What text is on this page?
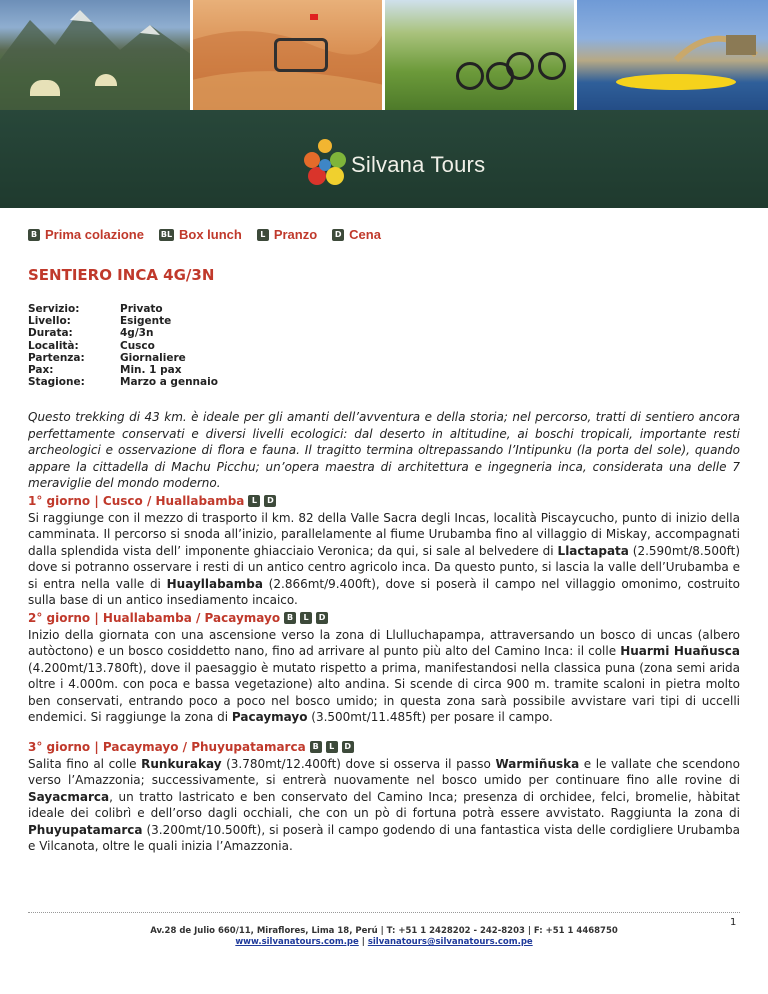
Silvana Tours
B Prima colazione BL Box lunch	L Pranzo	D Cena
SENTIERO INCA 4G/3N
Servizio:	Privato
Livello:	Esigente
Durata:	4g/3n
Località:	Cusco
Partenza:	Giornaliere
Pax:	Min. 1 pax
Stagione:	Marzo a gennaio

Questo trekking di 43 km. è ideale per gli amanti dell’avventura e della storia; nel percorso, tratti di sentiero ancora perfettamente conservati e diversi livelli ecologici: dal deserto in altitudine, ai boschi tropicali, importante resti archeologici e osservazione di flora e fauna. Il tragitto termina oltrepassando l’Intipunku (la porta del sole), quando appare la cittadella di Machu Picchu; un’opera maestra di architettura e ingegneria inca, considerata una delle 7 meraviglie del mondo moderno.

1° giorno | Cusco / Huallabamba L	D

Si raggiunge con il mezzo di trasporto il km. 82 della Valle Sacra degli Incas, località Piscaycucho, punto di inizio della camminata. Il percorso si snoda all’inizio, parallelamente al fiume Urubamba fino al villaggio di Miskay, accompagnati dalla splendida vista dell’ imponente ghiacciaio Veronica; da qui, si sale al belvedere di Llactapata (2.590mt/8.500ft) dove si potranno osservare i resti di un antico centro agricolo inca. Da questo punto, si lascia la valle dell’Urubamba e si entra nella valle di Huayllabamba (2.866mt/9.400ft), dove si poserà il campo nel villaggio omonimo, costruito sulla base di un antico insediamento incaico.

2° giorno | Huallabamba / Pacaymayo B	L	D

Inizio della giornata con una ascensione verso la zona di Llulluchapampa, attraversando un bosco di uncas (albero autòctono) e un bosco cosiddetto nano, fino ad arrivare al punto più alto del Camino Inca: il colle Huarmi Huañusca (4.200mt/13.780ft), dove il paesaggio è mutato rispetto a prima, manifestandosi nella classica puna (zona semi arida oltre i 4.000m. con poca e bassa vegetazione) alto andina. Si scende di circa 900 m. tramite scaloni in pietra molto ben conservati, entrando poco a poco nel bosco umido; in questa zona sarà possibile avvistare vari tipi di uccelli endemici. Si raggiunge la zona di Pacaymayo (3.500mt/11.485ft) per posare il campo.

3° giorno | Pacaymayo / Phuyupatamarca B	L	D

Salita fino al colle Runkurakay (3.780mt/12.400ft) dove si osserva il passo Warmiñuska e le vallate che scendono verso l’Amazzonia; successivamente, si entrerà nuovamente nel bosco umido per continuare fino alle rovine di Sayacmarca, un tratto lastricato e ben conservato del Camino Inca; presenza di orchidee, felci, bromelie, hàbitat ideale dei colibrì e dell’orso dagli occhiali, che con un pò di fortuna potrà essere avvistato. Raggiunta la zona di Phuyupatamarca (3.200mt/10.500ft), si poserà il campo godendo di una fantastica vista delle cordigliere Urubamba e Vilcanota, oltre le quali inizia l’Amazzonia.

1
Av.28 de Julio 660/11, Miraflores, Lima 18, Perú | T: +51 1 2428202 - 242-8203 | F: +51 1 4468750
www.silvanatours.com.pe | silvanatours@silvanatours.com.pe
